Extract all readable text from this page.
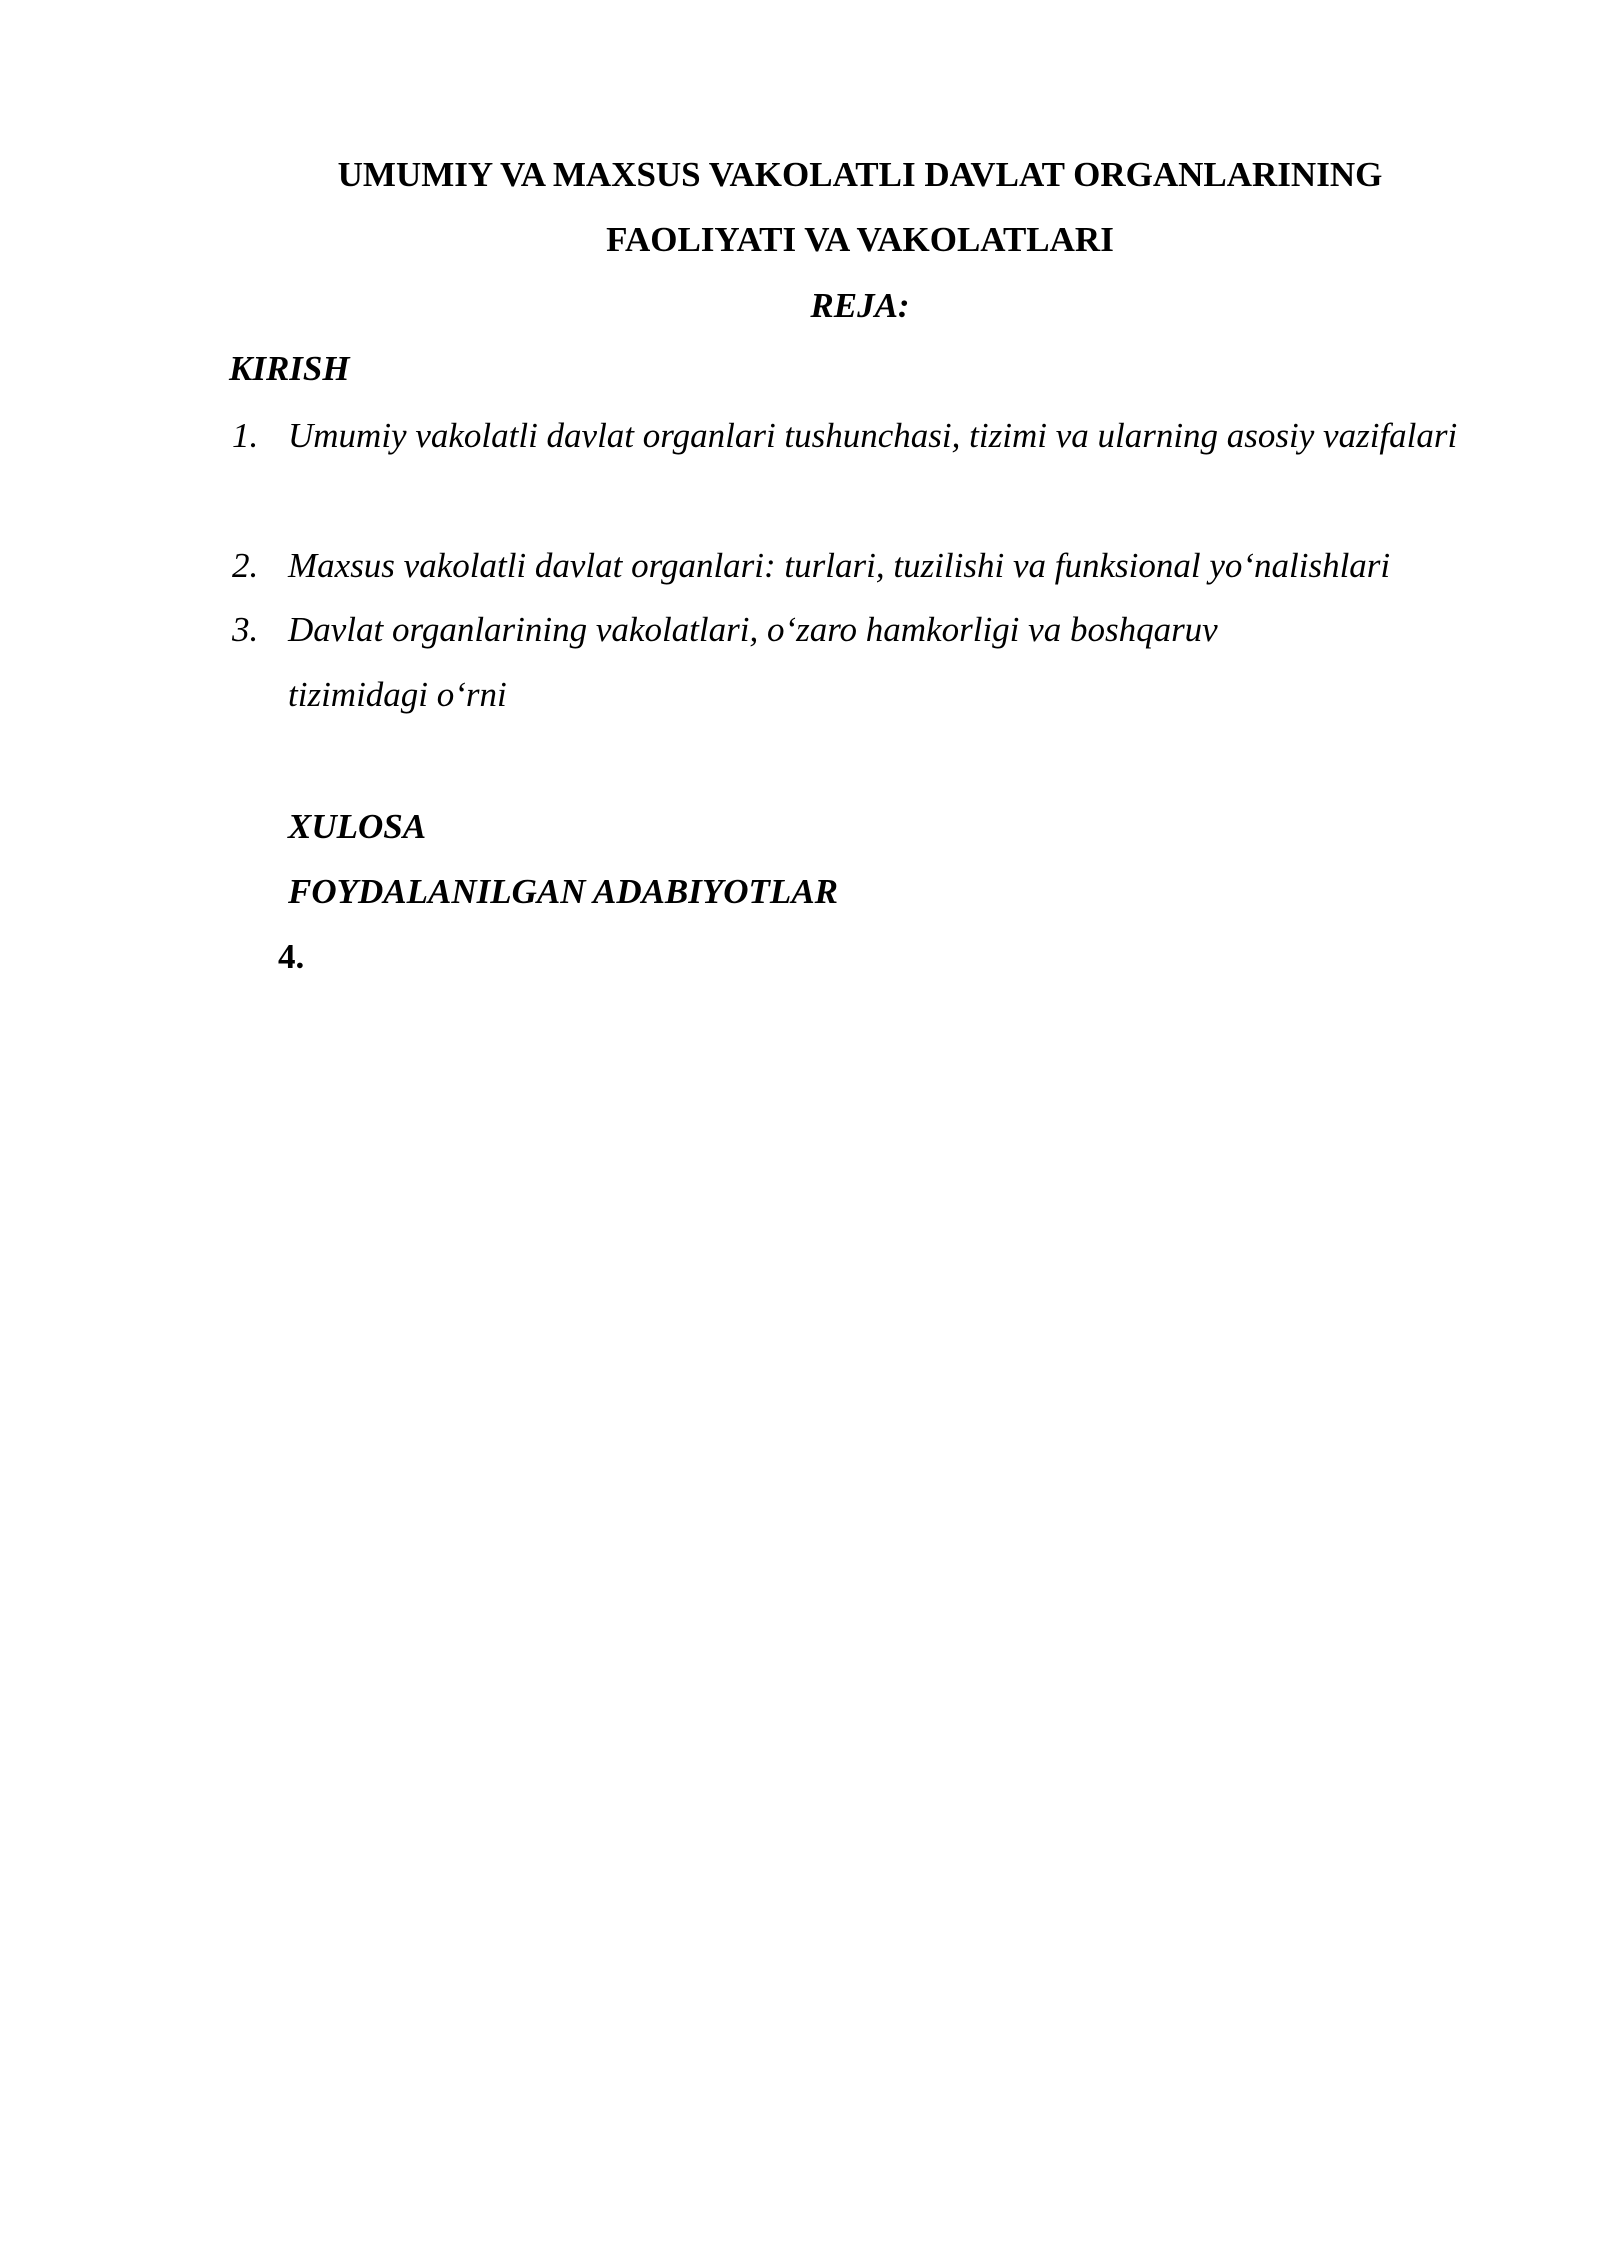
UMUMIY VA MAXSUS VAKOLATLI DAVLAT ORGANLARINING
FAOLIYATI VA VAKOLATLARI
REJA:
KIRISH
1. Umumiy vakolatli davlat organlari tushunchasi, tizimi va ularning asosiy vazifalari
2. Maxsus vakolatli davlat organlari: turlari, tuzilishi va funksional yo‘nalishlari
3. Davlat organlarining vakolatlari, o‘zaro hamkorligi va boshqaruv tizimidagi o‘rni
XULOSA
FOYDALANILGAN ADABIYOTLAR
4.
